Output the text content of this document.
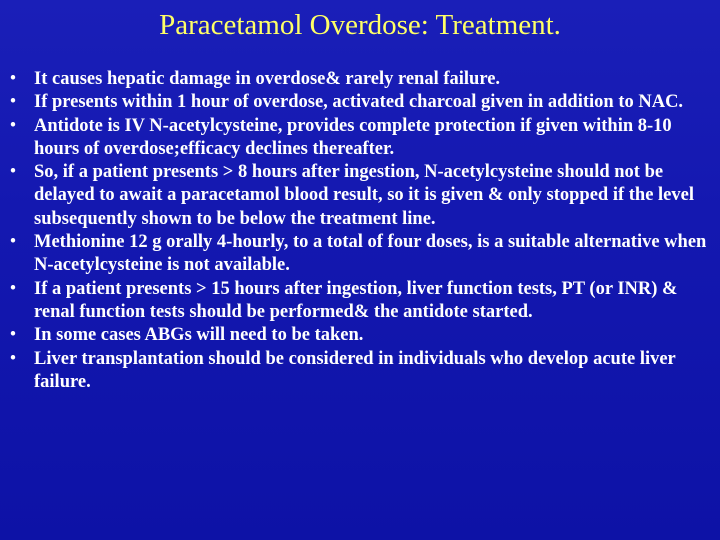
Paracetamol Overdose: Treatment.
• It causes hepatic damage in overdose& rarely renal failure.
• If presents within 1 hour of overdose, activated charcoal given in addition to NAC.
• Antidote is IV N-acetylcysteine, provides complete protection if given within 8-10 hours of overdose;efficacy declines thereafter.
• So, if a patient presents > 8 hours after ingestion, N-acetylcysteine should not be delayed to await a paracetamol blood result, so it is given & only stopped if the level subsequently shown to be below the treatment line.
• Methionine 12 g orally 4-hourly, to a total of four doses, is a suitable alternative when N-acetylcysteine is not available.
• If a patient presents > 15 hours after ingestion, liver function tests, PT (or INR) & renal function tests should be performed& the antidote started.
• In some cases ABGs will need to be taken.
• Liver transplantation should be considered in individuals who develop acute liver failure.
